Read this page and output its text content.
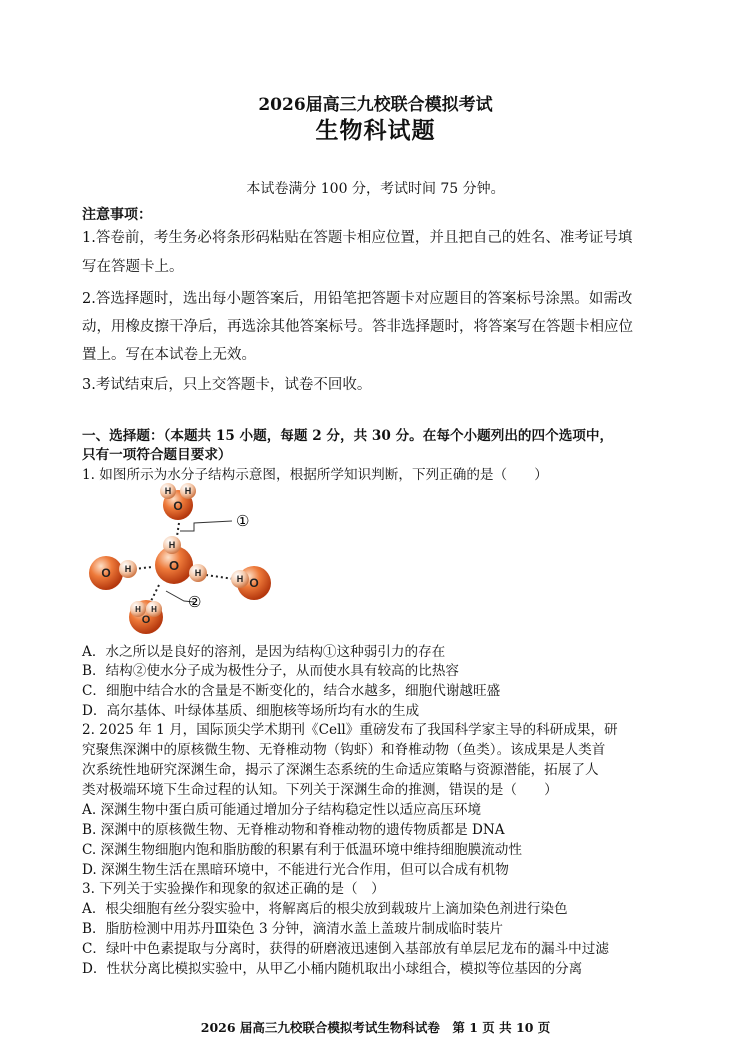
2026届高三九校联合模拟考试
生物科试题
本试卷满分 100 分，考试时间 75 分钟。
注意事项：
1.答卷前，考生务必将条形码粘贴在答题卡相应位置，并且把自己的姓名、准考证号填
写在答题卡上。
2.答选择题时，选出每小题答案后，用铅笔把答题卡对应题目的答案标号涂黑。如需改
动，用橡皮擦干净后，再选涂其他答案标号。答非选择题时，将答案写在答题卡相应位
置上。写在本试卷上无效。
3.考试结束后，只上交答题卡，试卷不回收。
一、选择题：（本题共 15 小题，每题 2 分，共 30 分。在每个小题列出的四个选项中，
只有一项符合题目要求）
1. 如图所示为水分子结构示意图，根据所学知识判断，下列正确的是（　　）
H H
O
O H
H
O H
H O
H H
O
①
②
A．水之所以是良好的溶剂，是因为结构①这种弱引力的存在
B．结构②使水分子成为极性分子，从而使水具有较高的比热容
C．细胞中结合水的含量是不断变化的，结合水越多，细胞代谢越旺盛
D．高尔基体、叶绿体基质、细胞核等场所均有水的生成
2. 2025 年 1 月，国际顶尖学术期刊《Cell》重磅发布了我国科学家主导的科研成果，研
究聚焦深渊中的原核微生物、无脊椎动物（钩虾）和脊椎动物（鱼类）。该成果是人类首
次系统性地研究深渊生命，揭示了深渊生态系统的生命适应策略与资源潜能，拓展了人
类对极端环境下生命过程的认知。下列关于深渊生命的推测，错误的是（　　）
A. 深渊生物中蛋白质可能通过增加分子结构稳定性以适应高压环境
B. 深渊中的原核微生物、无脊椎动物和脊椎动物的遗传物质都是 DNA
C. 深渊生物细胞内饱和脂肪酸的积累有利于低温环境中维持细胞膜流动性
D. 深渊生物生活在黑暗环境中，不能进行光合作用，但可以合成有机物
3. 下列关于实验操作和现象的叙述正确的是（　）
A．根尖细胞有丝分裂实验中，将解离后的根尖放到载玻片上滴加染色剂进行染色
B．脂肪检测中用苏丹Ⅲ染色 3 分钟，滴清水盖上盖玻片制成临时装片
C．绿叶中色素提取与分离时，获得的研磨液迅速倒入基部放有单层尼龙布的漏斗中过滤
D．性状分离比模拟实验中，从甲乙小桶内随机取出小球组合，模拟等位基因的分离
2026 届高三九校联合模拟考试生物科试卷　第 1 页 共 10 页
